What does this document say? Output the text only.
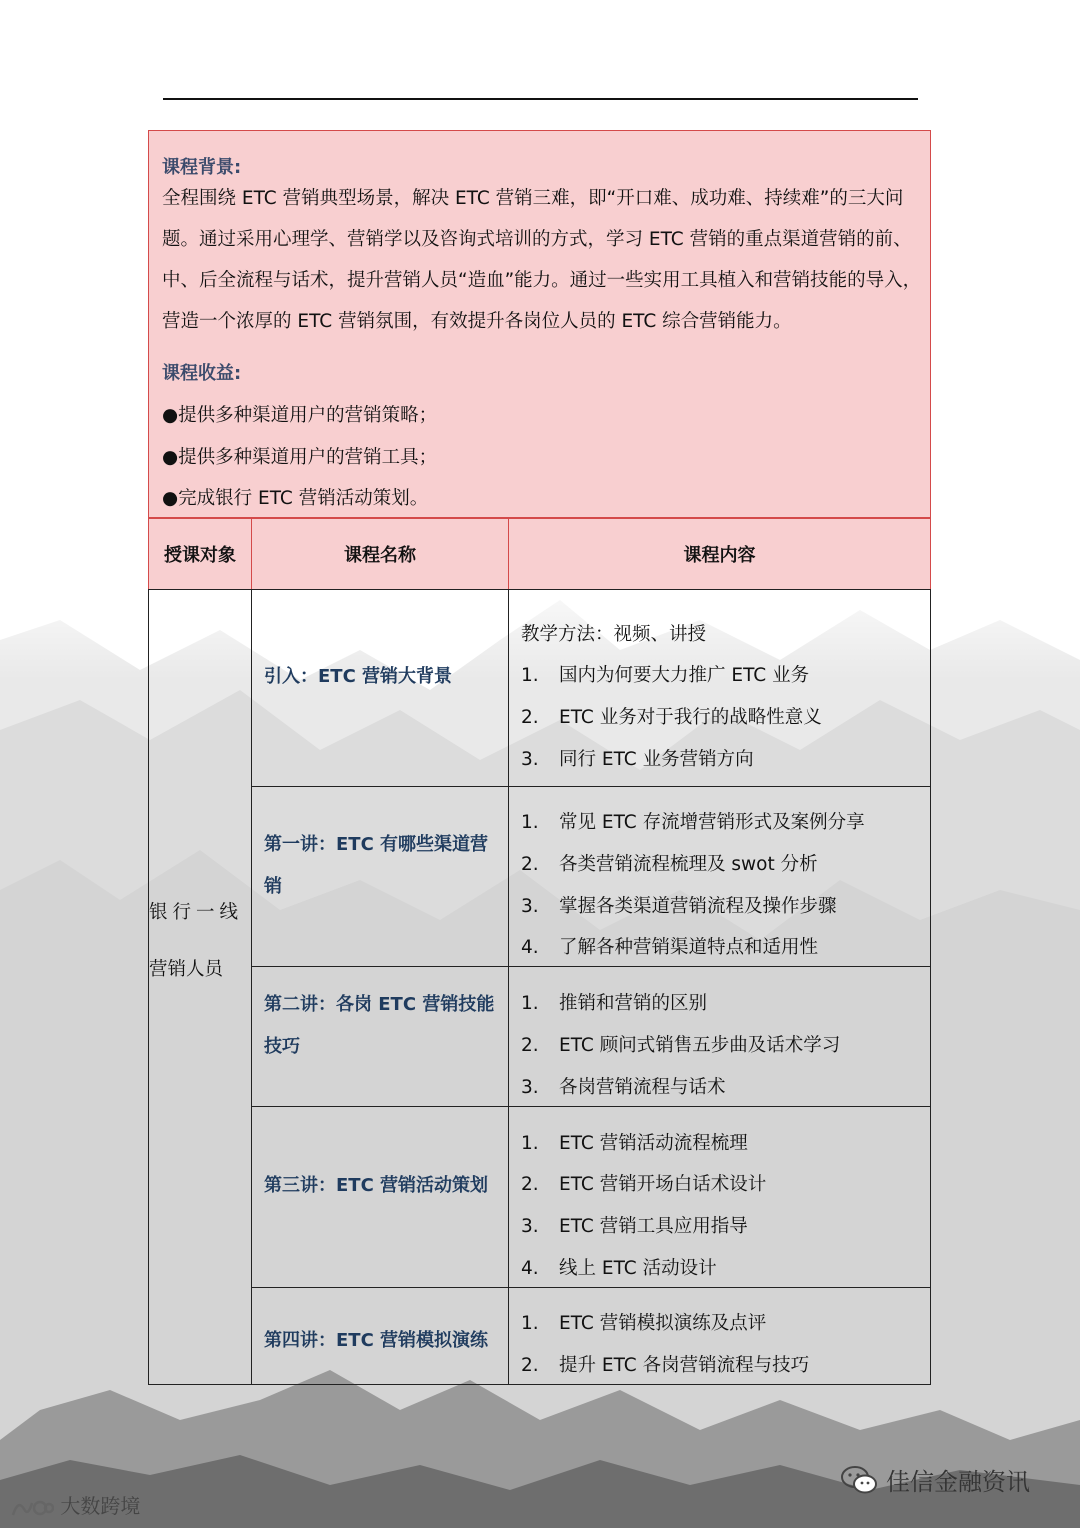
课程背景:
全程围绕 ETC 营销典型场景，解决 ETC 营销三难，即“开口难、成功难、持续难”的三大问题。通过采用心理学、营销学以及咨询式培训的方式，学习 ETC 营销的重点渠道营销的前、中、后全流程与话术，提升营销人员“造血”能力。通过一些实用工具植入和营销技能的导入，营造一个浓厚的 ETC 营销氛围，有效提升各岗位人员的 ETC 综合营销能力。
课程收益:
●提供多种渠道用户的营销策略；
●提供多种渠道用户的营销工具；
●完成银行 ETC 营销活动策划。
授课对象	课程名称	课程内容
银行一线
营销人员
引入：ETC 营销大背景
教学方法：视频、讲授
1. 国内为何要大力推广 ETC 业务
2. ETC 业务对于我行的战略性意义
3. 同行 ETC 业务营销方向
第一讲：ETC 有哪些渠道营
销
1. 常见 ETC 存流增营销形式及案例分享
2. 各类营销流程梳理及 swot 分析
3. 掌握各类渠道营销流程及操作步骤
4. 了解各种营销渠道特点和适用性
第二讲：各岗 ETC 营销技能
技巧
1. 推销和营销的区别
2. ETC 顾问式销售五步曲及话术学习
3. 各岗营销流程与话术
第三讲：ETC 营销活动策划
1. ETC 营销活动流程梳理
2. ETC 营销开场白话术设计
3. ETC 营销工具应用指导
4. 线上 ETC 活动设计
第四讲：ETC 营销模拟演练
1. ETC 营销模拟演练及点评
2. 提升 ETC 各岗营销流程与技巧
大数跨境
佳信金融资讯
